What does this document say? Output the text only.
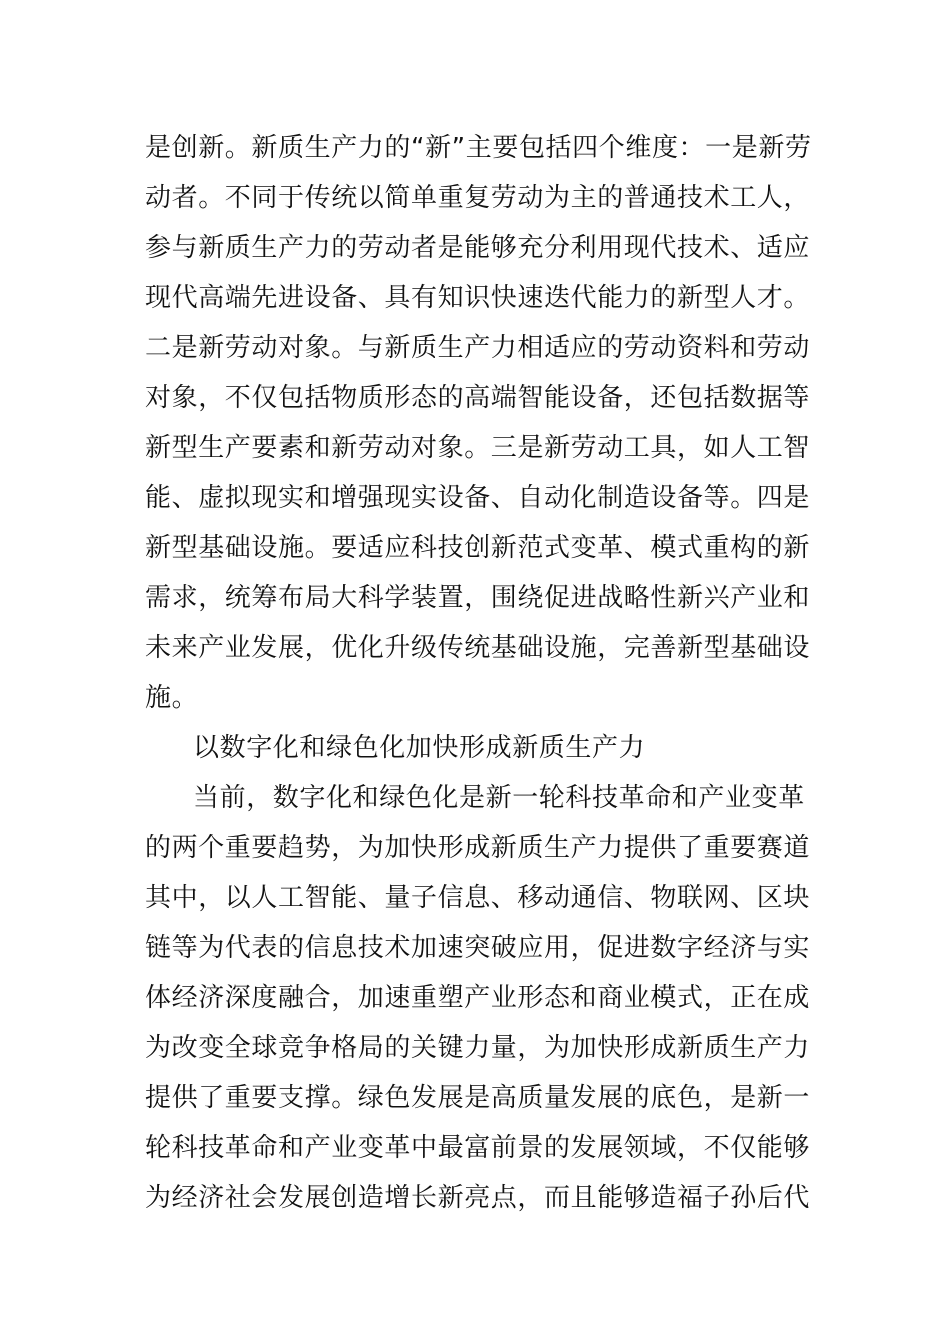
是创新。新质生产力的“新”主要包括四个维度：一是新劳
动者。不同于传统以简单重复劳动为主的普通技术工人，
参与新质生产力的劳动者是能够充分利用现代技术、适应
现代高端先进设备、具有知识快速迭代能力的新型人才。
二是新劳动对象。与新质生产力相适应的劳动资料和劳动
对象，不仅包括物质形态的高端智能设备，还包括数据等
新型生产要素和新劳动对象。三是新劳动工具，如人工智
能、虚拟现实和增强现实设备、自动化制造设备等。四是
新型基础设施。要适应科技创新范式变革、模式重构的新
需求，统筹布局大科学装置，围绕促进战略性新兴产业和
未来产业发展，优化升级传统基础设施，完善新型基础设
施。
以数字化和绿色化加快形成新质生产力
当前，数字化和绿色化是新一轮科技革命和产业变革
的两个重要趋势，为加快形成新质生产力提供了重要赛道
其中，以人工智能、量子信息、移动通信、物联网、区块
链等为代表的信息技术加速突破应用，促进数字经济与实
体经济深度融合，加速重塑产业形态和商业模式，正在成
为改变全球竞争格局的关键力量，为加快形成新质生产力
提供了重要支撑。绿色发展是高质量发展的底色，是新一
轮科技革命和产业变革中最富前景的发展领域，不仅能够
为经济社会发展创造增长新亮点，而且能够造福子孙后代
